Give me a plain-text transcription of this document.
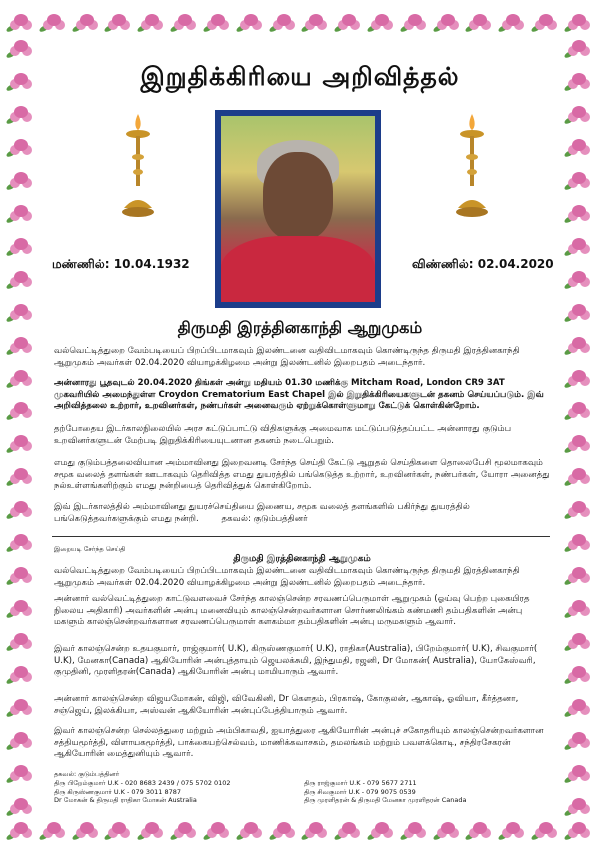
இறுதிக்கிரியை அறிவித்தல்
மண்ணில்: 10.04.1932	விண்ணில்: 02.04.2020
திருமதி இரத்தினகாந்தி ஆறுமுகம்
வல்வெட்டித்துறை வேம்படியைப் பிறப்பிடமாகவும் இலண்டனை வதிவிடமாகவும் கொண்டிருந்த திருமதி இரத்தினகாந்தி ஆறுமுகம் அவர்கள் 02.04.2020 வியாழக்கிழமை அன்று இலண்டனில் இறைபதம் அடைந்தார்.
அன்னாரது பூதவுடல் 20.04.2020 திங்கள் அன்று மதியம் 01.30 மணிக்கு Mitcham Road, London CR9 3AT முகவரியில் அமைந்துள்ள Croydon Crematorium East Chapel இல் இறுதிக்கிரியைகளுடன் தகனம் செய்யப்படும். இவ் அறிவித்தலை உற்றார், உறவினர்கள், நண்பர்கள் அனைவரும் ஏற்றுக்கொள்ளுமாறு கேட்டுக் கொள்கின்றோம்.
தற்போதைய இடர்காலநிலையில் அரச கட்டுப்பாட்டு விதிகளுக்கு அமைவாக மட்டுப்படுத்தப்பட்ட அன்னாரது குடும்ப உறவினர்களுடன் மேற்படி இறுதிக்கிரியையுடனான தகனம் நடைபெறும்.
எமது குடும்பத்தலைவியான அம்மாவினது இறைவனடி சேர்ந்த செய்தி கேட்டு ஆறுதல் செய்திகளை தொலைபேசி மூலமாகவும் சமூக வலைத் தளங்கள் ஊடாகவும் தெரிவித்த எமது துயரத்தில் பங்கெடுத்த உற்றார், உறவினர்கள், நண்பர்கள், யோரா அனைத்து நல்உள்ளங்களிற்கும் எமது நன்றியைத் தெரிவித்துக் கொள்கிறோம்.
இவ் இடர்காலத்தில் அம்மாவினது துயரச்செய்தியை இணைய, சமூக வலைத் தளங்களில் பகிர்ந்து துயரத்தில் பங்கெடுத்தவர்களுக்கும் எமது நன்றி.	தகவல்: குடும்பத்தினர்
இறையடி சேர்ந்த செய்தி
திருமதி இரத்தினகாந்தி ஆறுமுகம்
வல்வெட்டித்துறை வேம்படியைப் பிறப்பிடமாகவும் இலண்டனை வதிவிடமாகவும் கொண்டிருந்த திருமதி இரத்தினகாந்தி ஆறுமுகம் அவர்கள் 02.04.2020 வியாழக்கிழமை அன்று இலண்டனில் இறைபதம் அடைந்தார்.
அன்னார் வல்வெட்டித்துறை காட்டுவளவைச் சேர்ந்த காலஞ்சென்ற சரவணப்பெருமாள் ஆறுமுகம் (ஓய்வு பெற்ற புகையிரத நிலைய அதிகாரி) அவர்களின் அன்பு மனைவியும் காலஞ்சென்றவர்களான சொர்ணலிங்கம் கண்மணி தம்பதிகளின் அன்பு மகளும் காலஞ்சென்றவர்களான சரவணப்பெருமாள் களகம்மா தம்பதிகளின் அன்பு மருமகளும் ஆவார்.
இவர் காலஞ்சென்ற உதயகுமார், ராஜ்குமார்( U.K), கிருஸ்ணகுமார்( U.K), ராதிகா(Australia), பிறேம்குமார்( U.K), சிவகுமார்( U.K), மேனகா(Canada) ஆகியோரின் அன்புத்தாயும் ஜெயலக்சுமி, இந்துமதி, ரஜனி, Dr மோகன்( Australia), யோகேஸ்வரி, குமுதினி, முரளிதரன்(Canada) ஆகியோரின் அன்பு மாமியாரும் ஆவார்.
அன்னார் காலஞ்சென்ற விஜயமோகன், விஜி, விவேகினி, Dr கௌதம், பிரகாஷ், கோகுலன், ஆகாஷ், ஓவியா, கீர்த்தனா, சஞ்ஜெய், இலக்கியா, அஸ்வன் ஆகியோரின் அன்புப்பேத்தியாரும் ஆவார்.
இவர் காலஞ்சென்ற செல்லத்துரை மற்றும் அம்பிகாவதி, ஐயாத்துரை ஆகியோரின் அன்புச் சகோதரியும் காலஞ்சென்றவர்களான சத்தியமூர்த்தி, விளாயகமூர்த்தி, பாக்கையற்செல்வம், மாணிக்கவாசகம், தமலங்கம் மற்றும் பவளக்கொடி, சந்திரசேகரன் ஆகியோரின் மைத்துனியும் ஆவார்.
தகவல்: குடும்பத்தினர்
திரு பிறேம்குமார் U.K - 020 8683 2439 / 075 5702 0102
திரு கிருஸ்ணகுமார் U.K - 079 3011 8787
Dr மோகன் & திருமதி ராதிகா மோகன் Australia
திரு ராஜ்குமார் U.K - 079 5677 2711
திரு சிவகுமார் U.K - 079 9075 0539
திரு முரளிதரன் & திருமதி மேனகா முரளிதரன் Canada
